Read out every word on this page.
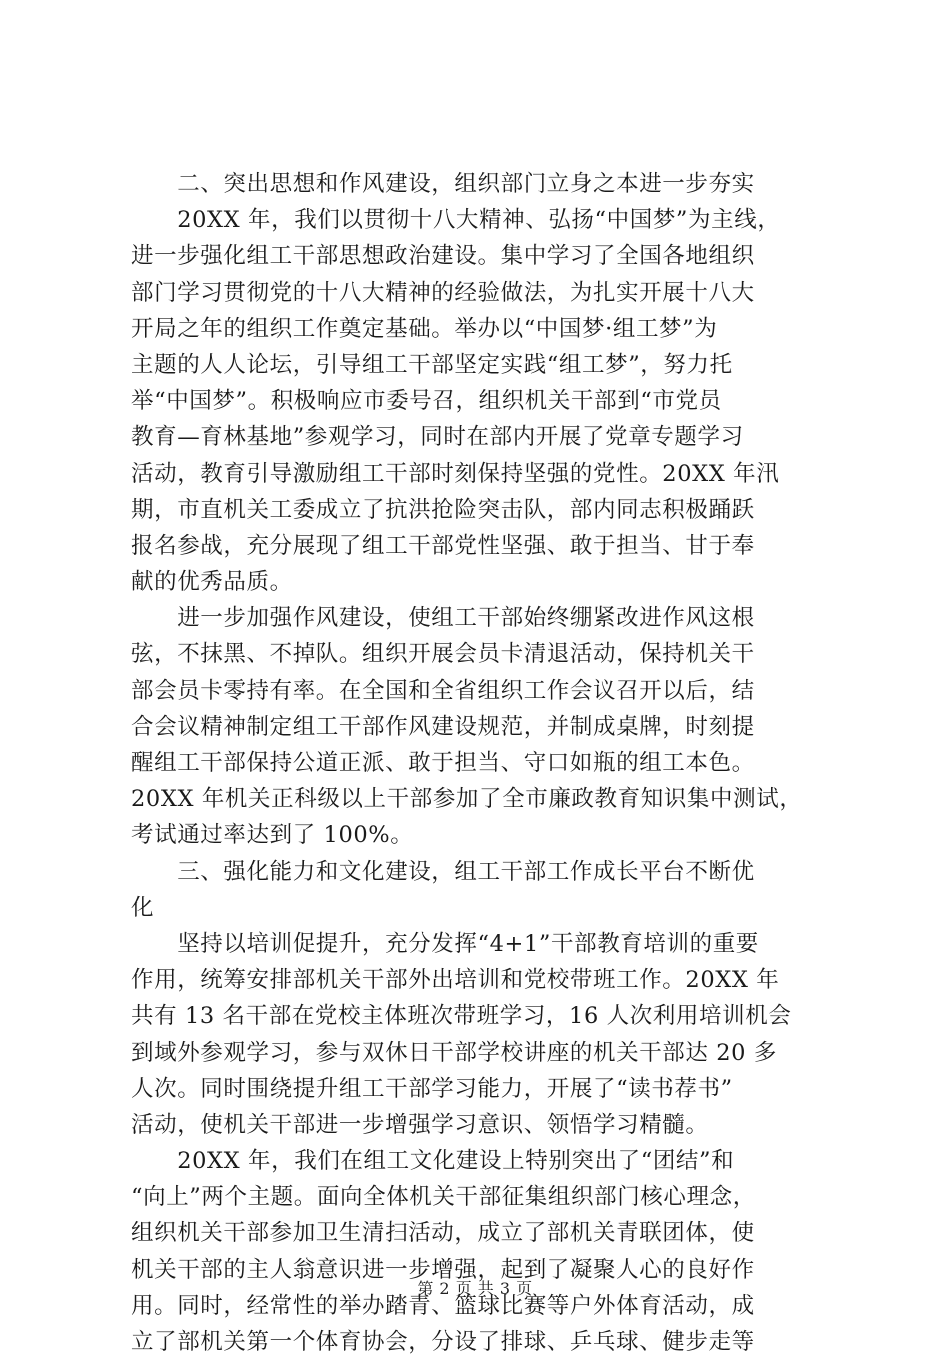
　　二、突出思想和作风建设，组织部门立身之本进一步夯实
　　20XX 年，我们以贯彻十八大精神、弘扬“中国梦”为主线，
进一步强化组工干部思想政治建设。集中学习了全国各地组织
部门学习贯彻党的十八大精神的经验做法，为扎实开展十八大
开局之年的组织工作奠定基础。举办以“中国梦·组工梦”为
主题的人人论坛，引导组工干部坚定实践“组工梦”，努力托
举“中国梦”。积极响应市委号召，组织机关干部到“市党员
教育—育林基地”参观学习，同时在部内开展了党章专题学习
活动，教育引导激励组工干部时刻保持坚强的党性。20XX 年汛
期，市直机关工委成立了抗洪抢险突击队，部内同志积极踊跃
报名参战，充分展现了组工干部党性坚强、敢于担当、甘于奉
献的优秀品质。
　　进一步加强作风建设，使组工干部始终绷紧改进作风这根
弦，不抹黑、不掉队。组织开展会员卡清退活动，保持机关干
部会员卡零持有率。在全国和全省组织工作会议召开以后，结
合会议精神制定组工干部作风建设规范，并制成桌牌，时刻提
醒组工干部保持公道正派、敢于担当、守口如瓶的组工本色。
20XX 年机关正科级以上干部参加了全市廉政教育知识集中测试，
考试通过率达到了 100%。
　　三、强化能力和文化建设，组工干部工作成长平台不断优
化
　　坚持以培训促提升，充分发挥“4+1”干部教育培训的重要
作用，统筹安排部机关干部外出培训和党校带班工作。20XX 年
共有 13 名干部在党校主体班次带班学习，16 人次利用培训机会
到域外参观学习，参与双休日干部学校讲座的机关干部达 20 多
人次。同时围绕提升组工干部学习能力，开展了“读书荐书”
活动，使机关干部进一步增强学习意识、领悟学习精髓。
　　20XX 年，我们在组工文化建设上特别突出了“团结”和
“向上”两个主题。面向全体机关干部征集组织部门核心理念，
组织机关干部参加卫生清扫活动，成立了部机关青联团体，使
机关干部的主人翁意识进一步增强，起到了凝聚人心的良好作
用。同时，经常性的举办踏青、篮球比赛等户外体育活动，成
立了部机关第一个体育协会，分设了排球、乒乓球、健步走等
第 2 页 共 3 页
